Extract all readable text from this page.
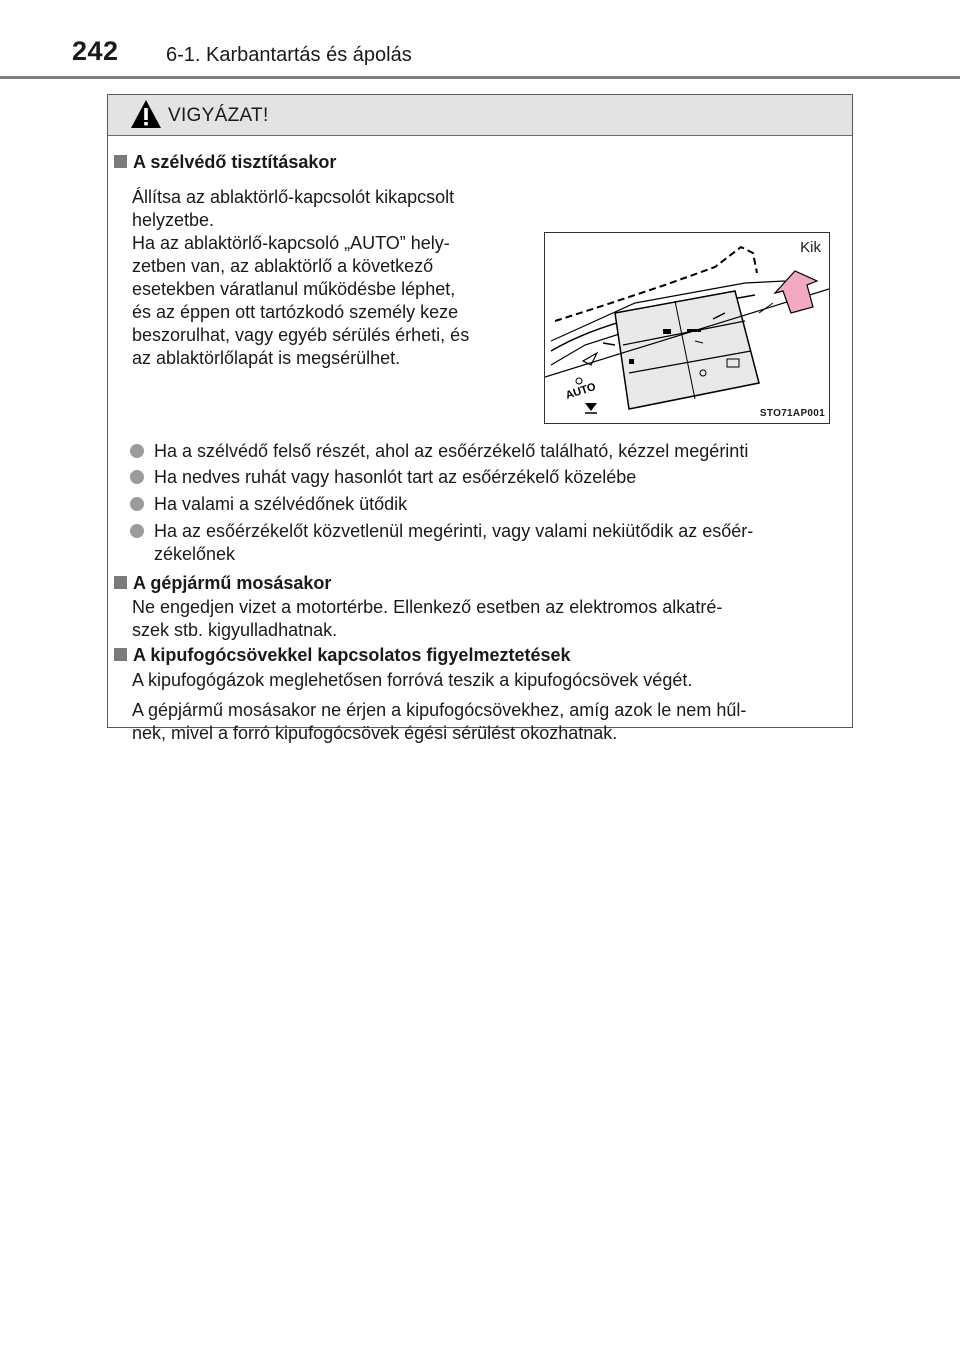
242 6-1. Karbantartás és ápolás
VIGYÁZAT!
A szélvédő tisztításakor
Állítsa az ablaktörlő-kapcsolót kikapcsolt
helyzetbe.
Ha az ablaktörlő-kapcsoló „AUTO” hely-
zetben van, az ablaktörlő a következő
esetekben váratlanul működésbe léphet,
és az éppen ott tartózkodó személy keze
beszorulhat, vagy egyéb sérülés érheti, és
az ablaktörlőlapát is megsérülhet.
AUTO
Kik
STO71AP001
Ha a szélvédő felső részét, ahol az esőérzékelő található, kézzel megérinti
Ha nedves ruhát vagy hasonlót tart az esőérzékelő közelébe
Ha valami a szélvédőnek ütődik
Ha az esőérzékelőt közvetlenül megérinti, vagy valami nekiütődik az esőér-
zékelőnek
A gépjármű mosásakor
Ne engedjen vizet a motortérbe. Ellenkező esetben az elektromos alkatré-
szek stb. kigyulladhatnak.
A kipufogócsövekkel kapcsolatos figyelmeztetések
A kipufogógázok meglehetősen forróvá teszik a kipufogócsövek végét.
A gépjármű mosásakor ne érjen a kipufogócsövekhez, amíg azok le nem hűl-
nek, mivel a forró kipufogócsövek égési sérülést okozhatnak.
